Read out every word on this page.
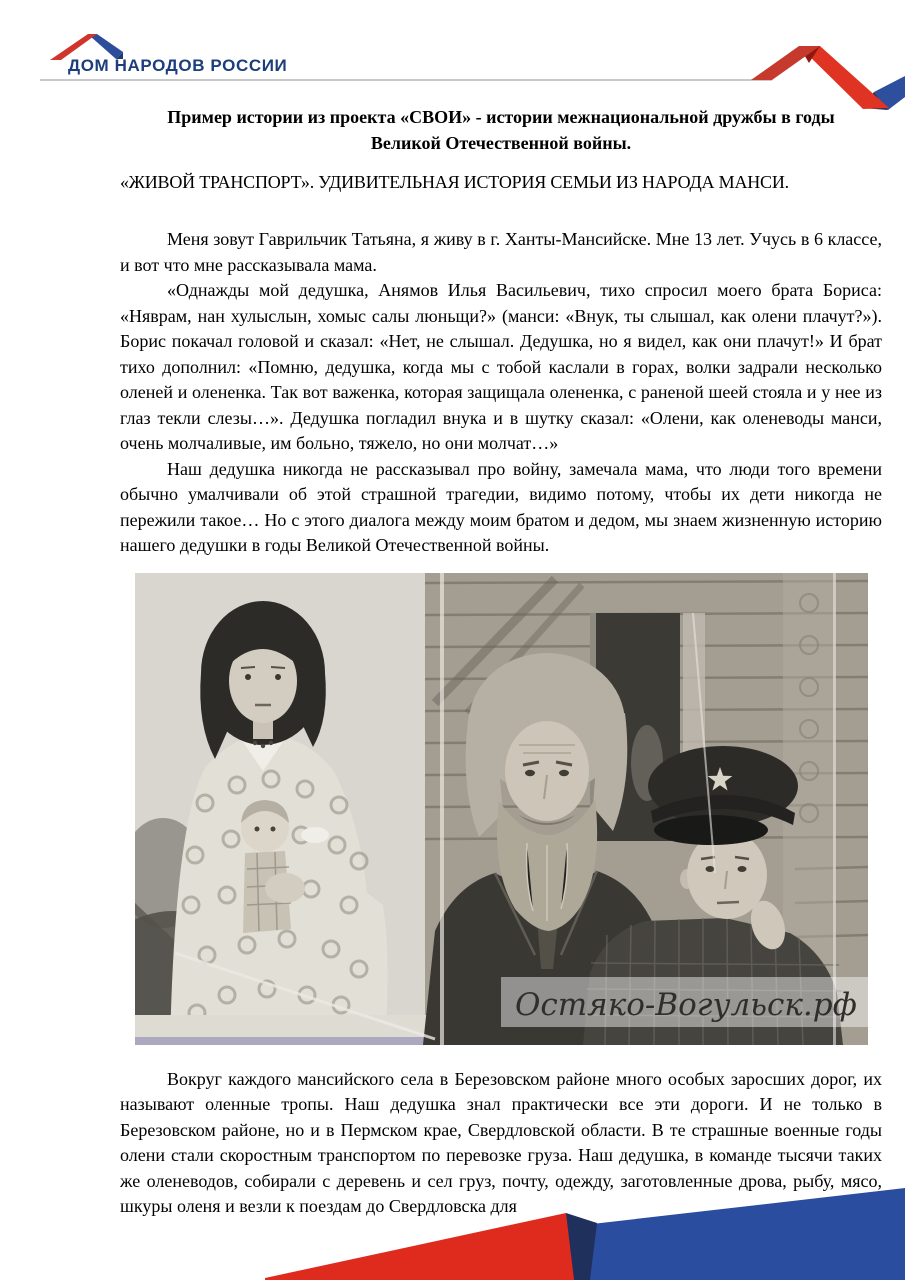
ДОМ НАРОДОВ РОССИИ
Пример истории из проекта «СВОИ» - истории межнациональной дружбы в годы
Великой Отечественной войны.
«ЖИВОЙ ТРАНСПОРТ». УДИВИТЕЛЬНАЯ ИСТОРИЯ СЕМЬИ ИЗ НАРОДА МАНСИ.

Меня зовут Гаврильчик Татьяна, я живу в г. Ханты-Мансийске. Мне 13 лет. Учусь в 6 классе, и вот что мне рассказывала мама.

«Однажды мой дедушка, Анямов Илья Васильевич, тихо спросил моего брата Бориса: «Няврам, нан хулыслын, хомыс салы люньщи?» (манси: «Внук, ты слышал, как олени плачут?»). Борис покачал головой и сказал: «Нет, не слышал. Дедушка, но я видел, как они плачут!» И брат тихо дополнил: «Помню, дедушка, когда мы с тобой каслали в горах, волки задрали несколько оленей и олененка. Так вот важенка, которая защищала олененка, с раненой шеей стояла и у нее из глаз текли слезы…». Дедушка погладил внука и в шутку сказал: «Олени, как оленеводы манси, очень молчаливые, им больно, тяжело, но они молчат…»

Наш дедушка никогда не рассказывал про войну, замечала мама, что люди того времени обычно умалчивали об этой страшной трагедии, видимо потому, чтобы их дети никогда не пережили такое… Но с этого диалога между моим братом и дедом, мы знаем жизненную историю нашего дедушки в годы Великой Отечественной войны.

Остяко-Вогульск.рф

Вокруг каждого мансийского села в Березовском районе много особых заросших дорог, их называют оленные тропы. Наш дедушка знал практически все эти дороги. И не только в Березовском районе, но и в Пермском крае, Свердловской области. В те страшные военные годы олени стали скоростным транспортом по перевозке груза. Наш дедушка, в команде тысячи таких же оленеводов, собирали с деревень и сел груз, почту, одежду, заготовленные дрова, рыбу, мясо, шкуры оленя и везли к поездам до Свердловска для
